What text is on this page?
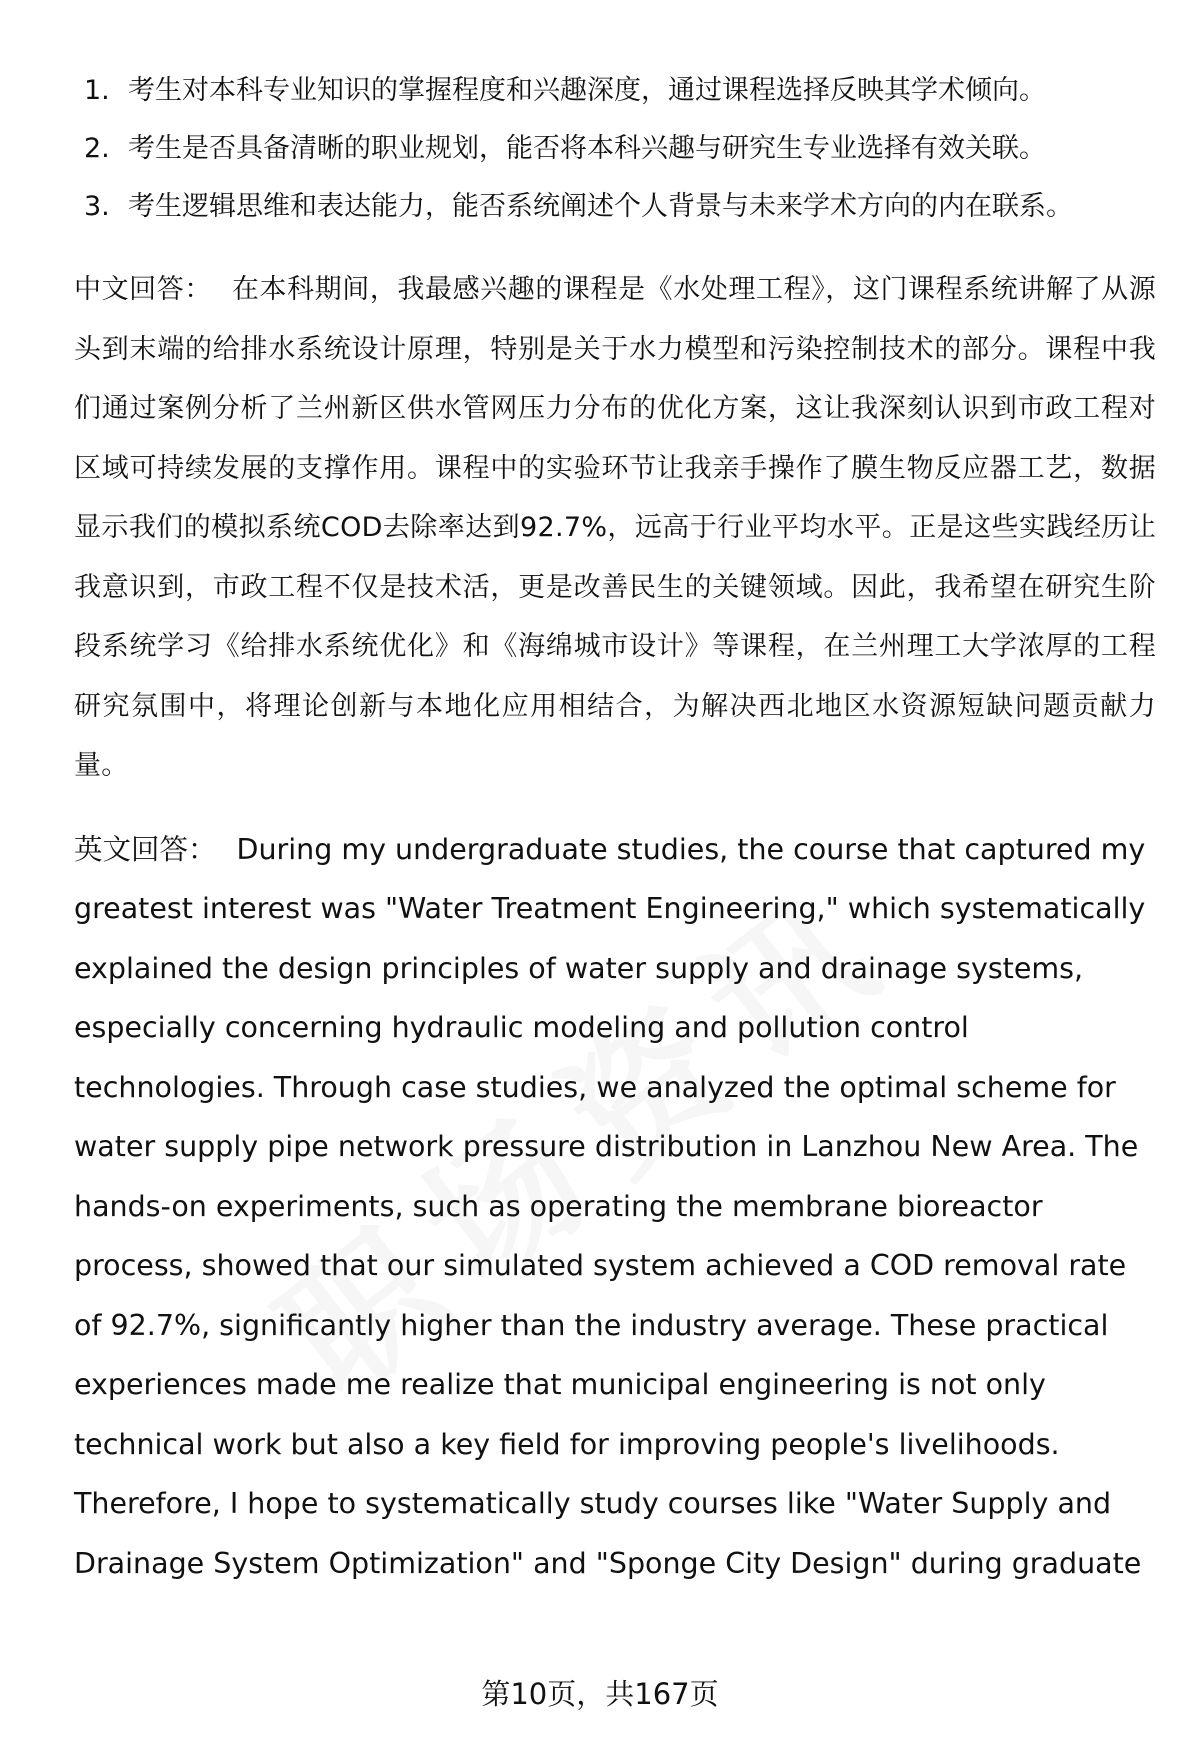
1. 考生对本科专业知识的掌握程度和兴趣深度，通过课程选择反映其学术倾向。
2. 考生是否具备清晰的职业规划，能否将本科兴趣与研究生专业选择有效关联。
3. 考生逻辑思维和表达能力，能否系统阐述个人背景与未来学术方向的内在联系。

中文回答： 在本科期间，我最感兴趣的课程是《水处理工程》，这门课程系统讲解了从源头到末端的给排水系统设计原理，特别是关于水力模型和污染控制技术的部分。课程中我们通过案例分析了兰州新区供水管网压力分布的优化方案，这让我深刻认识到市政工程对区域可持续发展的支撑作用。课程中的实验环节让我亲手操作了膜生物反应器工艺，数据显示我们的模拟系统COD去除率达到92.7%，远高于行业平均水平。正是这些实践经历让我意识到，市政工程不仅是技术活，更是改善民生的关键领域。因此，我希望在研究生阶段系统学习《给排水系统优化》和《海绵城市设计》等课程，在兰州理工大学浓厚的工程研究氛围中，将理论创新与本地化应用相结合，为解决西北地区水资源短缺问题贡献力量。

英文回答： During my undergraduate studies, the course that captured my greatest interest was "Water Treatment Engineering," which systematically explained the design principles of water supply and drainage systems, especially concerning hydraulic modeling and pollution control technologies. Through case studies, we analyzed the optimal scheme for water supply pipe network pressure distribution in Lanzhou New Area. The hands-on experiments, such as operating the membrane bioreactor process, showed that our simulated system achieved a COD removal rate of 92.7%, significantly higher than the industry average. These practical experiences made me realize that municipal engineering is not only technical work but also a key field for improving people's livelihoods. Therefore, I hope to systematically study courses like "Water Supply and Drainage System Optimization" and "Sponge City Design" during graduate

第10页，共167页
